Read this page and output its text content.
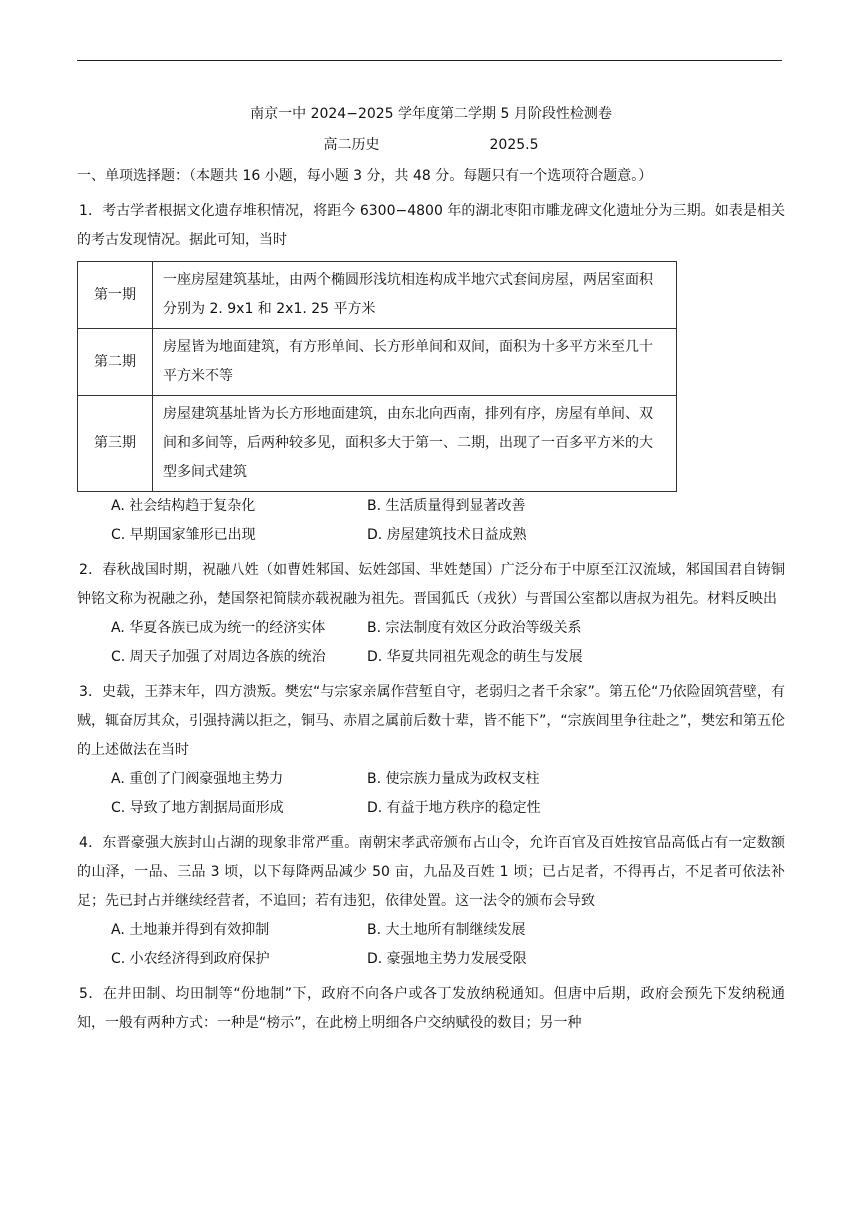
南京一中 2024−2025 学年度第二学期 5 月阶段性检测卷
高二历史	2025.5
一、单项选择题：（本题共 16 小题，每小题 3 分，共 48 分。每题只有一个选项符合题意。）
1．考古学者根据文化遗存堆积情况，将距今 6300−4800 年的湖北枣阳市雕龙碑文化遗址分为三期。如表是相关的考古发现情况。据此可知，当时
第一期	一座房屋建筑基址，由两个椭圆形浅坑相连构成半地穴式套间房屋，两居室面积分别为 2. 9x1 和 2x1. 25 平方米
第二期	房屋皆为地面建筑，有方形单间、长方形单间和双间，面积为十多平方米至几十平方米不等
第三期	房屋建筑基址皆为长方形地面建筑，由东北向西南，排列有序，房屋有单间、双间和多间等，后两种较多见，面积多大于第一、二期，出现了一百多平方米的大型多间式建筑
A. 社会结构趋于复杂化	B. 生活质量得到显著改善
C. 早期国家雏形已出现	D. 房屋建筑技术日益成熟
2．春秋战国时期，祝融八姓（如曹姓邾国、妘姓郐国、芈姓楚国）广泛分布于中原至江汉流域，邾国国君自铸铜钟铭文称为祝融之孙，楚国祭祀简牍亦载祝融为祖先。晋国狐氏（戎狄）与晋国公室都以唐叔为祖先。材料反映出
A. 华夏各族已成为统一的经济实体	B. 宗法制度有效区分政治等级关系
C. 周天子加强了对周边各族的统治	D. 华夏共同祖先观念的萌生与发展
3．史载，王莽末年，四方溃叛。樊宏“与宗家亲属作营堑自守，老弱归之者千余家”。第五伦“乃依险固筑营壁，有贼，辄奋厉其众，引强持满以拒之，铜马、赤眉之属前后数十辈，皆不能下”，“宗族闾里争往赴之”，樊宏和第五伦的上述做法在当时
A. 重创了门阀豪强地主势力	B. 使宗族力量成为政权支柱
C. 导致了地方割据局面形成	D. 有益于地方秩序的稳定性
4．东晋豪强大族封山占湖的现象非常严重。南朝宋孝武帝颁布占山令，允许百官及百姓按官品高低占有一定数额的山泽，一品、三品 3 顷，以下每降两品减少 50 亩，九品及百姓 1 顷；已占足者，不得再占，不足者可依法补足；先已封占并继续经营者，不追回；若有违犯，依律处置。这一法令的颁布会导致
A. 土地兼并得到有效抑制	B. 大土地所有制继续发展
C. 小农经济得到政府保护	D. 豪强地主势力发展受限
5．在井田制、均田制等“份地制”下，政府不向各户或各丁发放纳税通知。但唐中后期，政府会预先下发纳税通知，一般有两种方式：一种是“榜示”，在此榜上明细各户交纳赋役的数目；另一种
